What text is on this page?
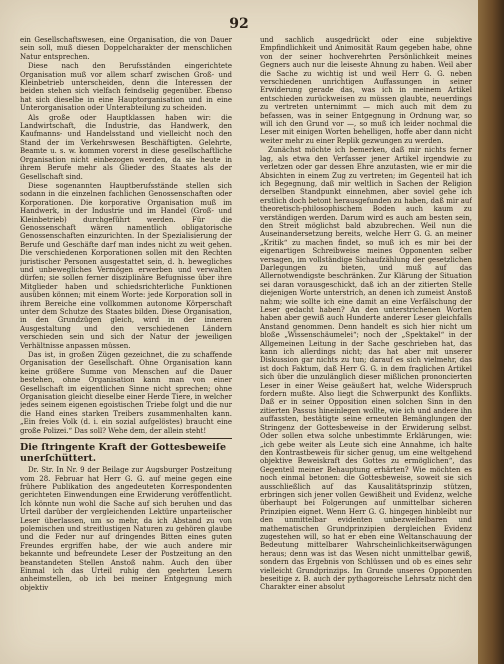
92

ein Gesellschaftswesen, eine Organisation, die von Dauer sein soll, muß diesen Doppelcharakter der menschlichen Natur entsprechen.

Diese nach den Berufsständen eingerichtete Organisation muß vor allem scharf zwischen Groß- und Kleinbetrieb unterscheiden, denn die Interessen der beiden stehen sich vielfach feindselig gegenüber. Ebenso hat sich dieselbe in eine Hauptorganisation und in eine Unterorganisation oder Unterabteilung zu scheiden.

Als große oder Hauptklassen haben wir: die Landwirtschaft, die Industrie, das Handwerk, den Kaufmanns- und Handelsstand und vielleicht noch den Stand der im Verkehrswesen Beschäftigten. Gelehrte, Beamte u. s. w. kommen vorerst in diese gesellschaftliche Organisation nicht einbezogen werden, da sie heute in ihrem Berufe mehr als Glieder des Staates als der Gesellschaft sind.

Diese sogenannten Hauptberufsstände stellen sich sodann in die einzelnen fachlichen Genossenschaften oder Korporationen. Die korporative Organisation muß im Handwerk, in der Industrie und im Handel (Groß- und Kleinbetrieb) durchgeführt werden. Für die Genossenschaft wären namentlich obligatorische Genossenschaften einzurichten. In der Spezialisierung der Berufe und Geschäfte darf man indes nicht zu weit gehen. Die verschiedenen Korporationen sollen mit den Rechten juristischer Personen ausgestattet sein, d. h. bewegliches und unbewegliches Vermögen erwerben und verwalten dürfen; sie sollen ferner disziplinäre Befugnisse über ihre Mitglieder haben und schiedsrichterliche Funktionen ausüben können; mit einem Worte: jede Korporation soll in ihrem Bereiche eine vollkommen autonome Körperschaft unter dem Schutze des Staates bilden. Diese Organisation, in den Grundzügen gleich, wird in der inneren Ausgestaltung und den verschiedenen Ländern verschieden sein und sich der Natur der jeweiligen Verhältnisse anpassen müssen.

Das ist, in großen Zügen gezeichnet, die zu schaffende Organisation der Gesellschaft. Ohne Organisation kann keine größere Summe von Menschen auf die Dauer bestehen, ohne Organisation kann man von einer Gesellschaft im eigentlichen Sinne nicht sprechen; ohne Organisation gleicht dieselbe einer Herde Tiere, in welcher jedes seinem eigenen egoistischen Triebe folgt und die nur die Hand eines starken Treibers zusammenhalten kann. „Ein freies Volk (d. i. ein sozial aufgelöstes) braucht eine große Polizei.“ Das soll? Wehe dem, der allein steht!

Die ſtringente Kraft der Gottesbeweiſe unerſchüttert.

Dr. Str. In Nr. 9 der Beilage zur Augsburger Postzeitung vom 28. Februar hat Herr G. G. auf meine gegen eine frühere Publikation des angedeuteten Korrespondenten gerichteten Einwendungen eine Erwiderung veröffentlicht. Ich könnte nun wohl die Sache auf sich beruhen und das Urteil darüber der vergleichenden Lektüre unparteiischer Leser überlassen, um so mehr, da ich Abstand zu von polemischen und streitlustigen Naturen zu gehören glaube und die Feder nur auf dringendes Bitten eines guten Freundes ergriffen habe, der wie auch andere mir bekannte und befreundete Leser der Postzeitung an den beanstandeten Stellen Anstoß nahm. Auch den über Einmal ich das Urteil ruhig den geehrten Lesern anheimstellen, ob ich bei meiner Entgegnung mich objektiv

und sachlich ausgedrückt oder eine subjektive Empfindlichkeit und Animosität Raum gegeben habe, ohne von der seiner hochverehrten Persönlichkeit meines Gegners auch nur die leiseste Ahnung zu haben. Weil aber die Sache zu wichtig ist und weil Herr G. G. neben verschiedenen unrichtigen Auffassungen in seiner Erwiderung gerade das, was ich in meinem Artikel entschieden zurückweisen zu müssen glaubte, neuerdings zu vertreten unternimmt — mich auch mit dem zu befassen, was in seiner Entgegnung in Ordnung war, so will ich den Grund vor —, so muß ich leider nochmal die Leser mit einigen Worten behelligen, hoffe aber dann nicht weiter mehr zu einer Replik gezwungen zu werden.

Zunächst möchte ich bemerken, daß mir nichts ferner lag, als etwa den Verfasser jener Artikel irgendwie zu verletzen oder gar dessen Ehre anzutasten, wie er mir die Absichten in einem Zug zu vertreten; im Gegenteil hat ich ich Begegnung, daß mir weltlich in Sachen der Religion derselben Standpunkt einnehmen, aber soviel gehe ich erstlich doch betont herausgefunden zu haben, daß mir auf theoretisch-philosophischem Boden auch kaum zu verständigen werden. Darum wird es auch am besten sein, den Streit möglichst bald abzubrechen. Weil nun die Auseinandersetzung bereits, welche Herr G. G. an meiner „Kritik“ zu machen findet, so muß ich es mir bei der eigenartigen Schreibweise meines Opponenten selber versagen, im vollständige Sichaufzählung der gesetzlichen Darlegungen zu bieten, und muß auf das Allernotwendigste beschränken. Zur Klärung der Situation sei daran vorausgeschickt, daß ich an der zitierten Stelle diejenigen Worte unterstrich, an denen ich zumeist Anstoß nahm; wie sollte ich eine damit an eine Verfälschung der Leser gedacht haben? An den unterstrichenen Worten haben aber gewiß auch Hunderte anderer Leser gleichfalls Anstand genommen. Denn handelt es sich hier nicht um bloße „Wissenschäumelei“; noch der „Spektakel“ in der Allgemeinen Leitung in der Sache geschrieben hat, das kann ich allerdings nicht; das hat aber mit unserer Diskussion gar nichts zu tun; darauf es sich vielmehr, das ist doch Faktum, daß Herr G. G. in dem fraglichen Artikel sich über die unzulänglich dieser mißlichen prononcierten Leser in einer Weise geäußert hat, welche Widerspruch fordern mußte. Also liegt die Schwerpunkt des Konflikts. Daß er in seiner Opposition einen solchen Sinn in den zitierten Passus hineinlegen wollte, wie ich und andere ihn auffassten, bestätigte seine erneuten Bemänglungen der Stringenz der Gottesbeweise in der Erwiderung selbst. Oder sollen etwa solche unbestimmte Erklärungen, wie: „ich gebe weiter als Leute sich eine Annahme, ich halte den Kontrastbeweis für sicher genug, um eine weltgehend objektive Beweiskraft des Gottes zu ermöglichen“, das Gegenteil meiner Behauptung erhärten? Wie möchten es noch einmal betonen: die Gottesbeweise, soweit sie sich ausschließlich auf das Kausalitätsprinzip stützen, erbringen sich jener vollen Gewißheit und Evidenz, welche überhaupt bei Folgerungen auf unmittelbar sicheren Prinzipien eignet. Wenn Herr G. G. hingegen hinbleibt nur den unmittelbar evidenten unbezweifelbaren und mathematischen Grundprinzipien dergleichen Evidenz zugestehen will, so hat er eben eine Weltanschauung der Bedeutung mittelbarer Wahrscheinlichkeitserwägungen heraus; denn was ist das Wesen nicht unmittelbar gewiß, sondern das Ergebnis von Schlüssen und ob es eines sehr vielleicht Grundprinzips. Im Grunde unseres Opponenten beseitige z. B. auch der pythagoreische Lehrsatz nicht den Charakter einer absolut
